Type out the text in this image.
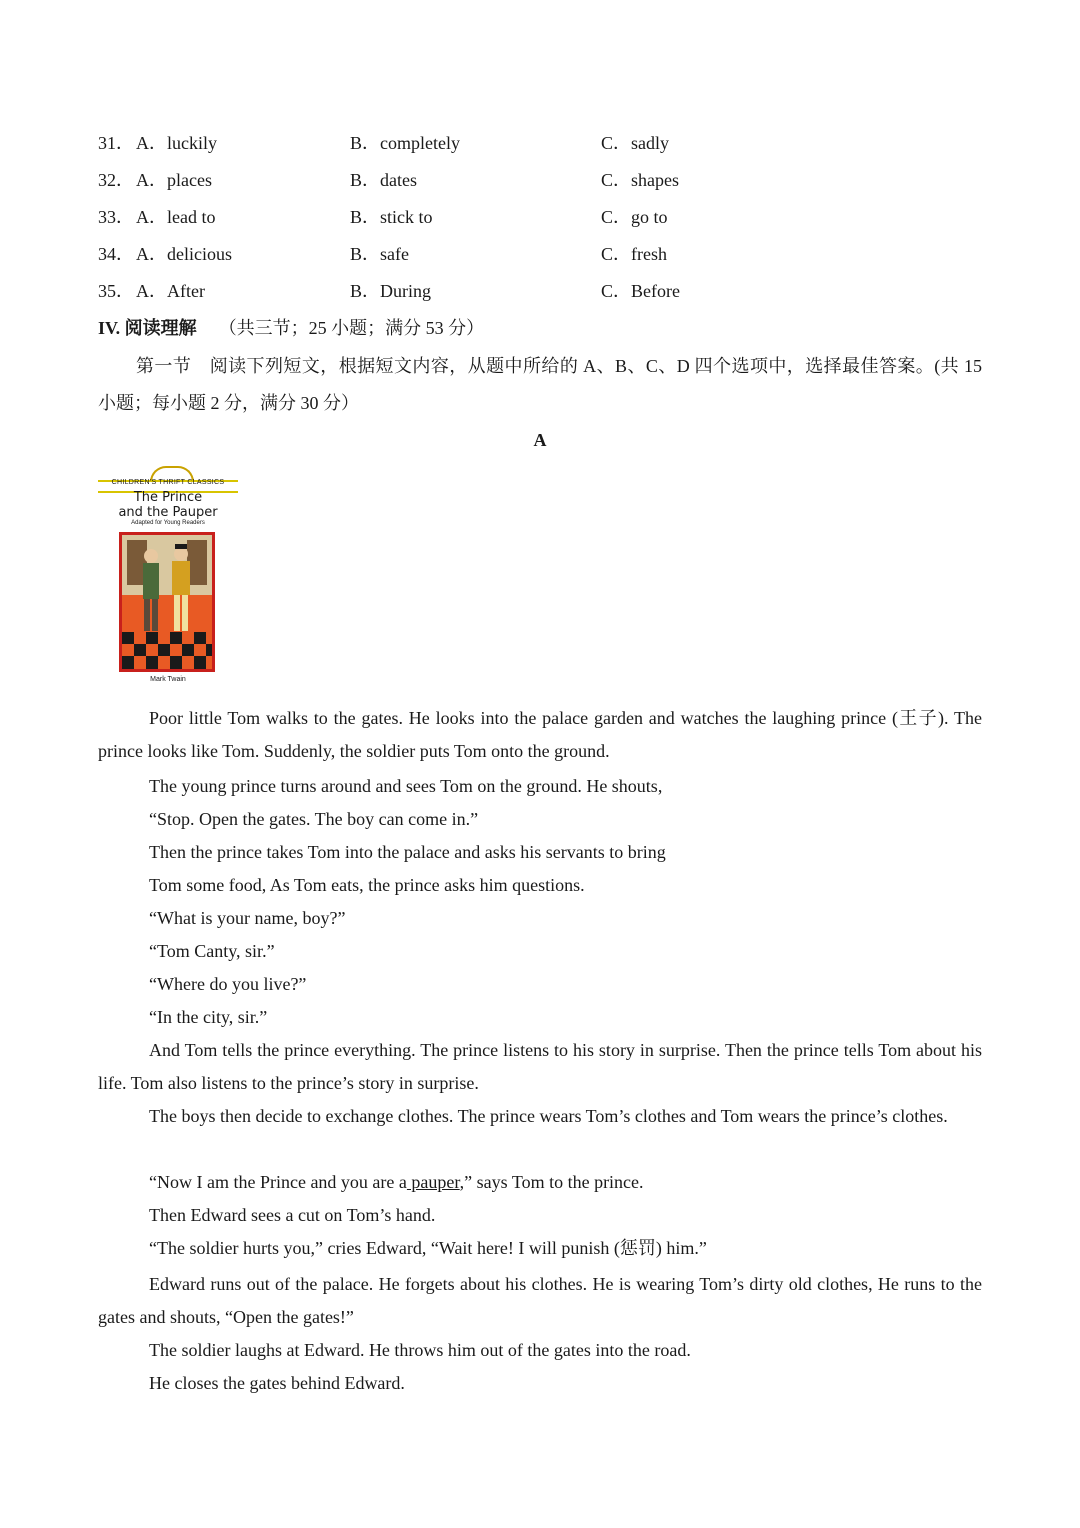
31． A．luckily	B．completely	C．sadly
32． A．places	B．dates	C．shapes
33． A．lead to	B．stick to	C．go to
34． A．delicious	B．safe	C．fresh
35． A．After	B．During	C．Before
IV. 阅读理解 （共三节；25 小题；满分 53 分）
第一节　阅读下列短文，根据短文内容，从题中所给的 A、B、C、D 四个选项中，选择最佳答案。(共 15 小题；每小题 2 分，满分 30 分）
A
CHILDREN'S THRIFT CLASSICS
The Prince
and the Pauper
Adapted for Young Readers
Mark Twain
Poor little Tom walks to the gates. He looks into the palace garden and watches the laughing prince (王子). The prince looks like Tom. Suddenly, the soldier puts Tom onto the ground.
The young prince turns around and sees Tom on the ground. He shouts,
“Stop. Open the gates. The boy can come in.”
Then the prince takes Tom into the palace and asks his servants to bring
Tom some food, As Tom eats, the prince asks him questions.
“What is your name, boy?”
“Tom Canty, sir.”
“Where do you live?”
“In the city, sir.”
And Tom tells the prince everything. The prince listens to his story in surprise. Then the prince tells Tom about his life. Tom also listens to the prince’s story in surprise.
The boys then decide to exchange clothes. The prince wears Tom’s clothes and Tom wears the prince’s clothes.
“Now I am the Prince and you are a pauper,” says Tom to the prince.
Then Edward sees a cut on Tom’s hand.
“The soldier hurts you,” cries Edward, “Wait here! I will punish (惩罚) him.”
Edward runs out of the palace. He forgets about his clothes. He is wearing Tom’s dirty old clothes, He runs to the gates and shouts, “Open the gates!”
The soldier laughs at Edward. He throws him out of the gates into the road.
He closes the gates behind Edward.
